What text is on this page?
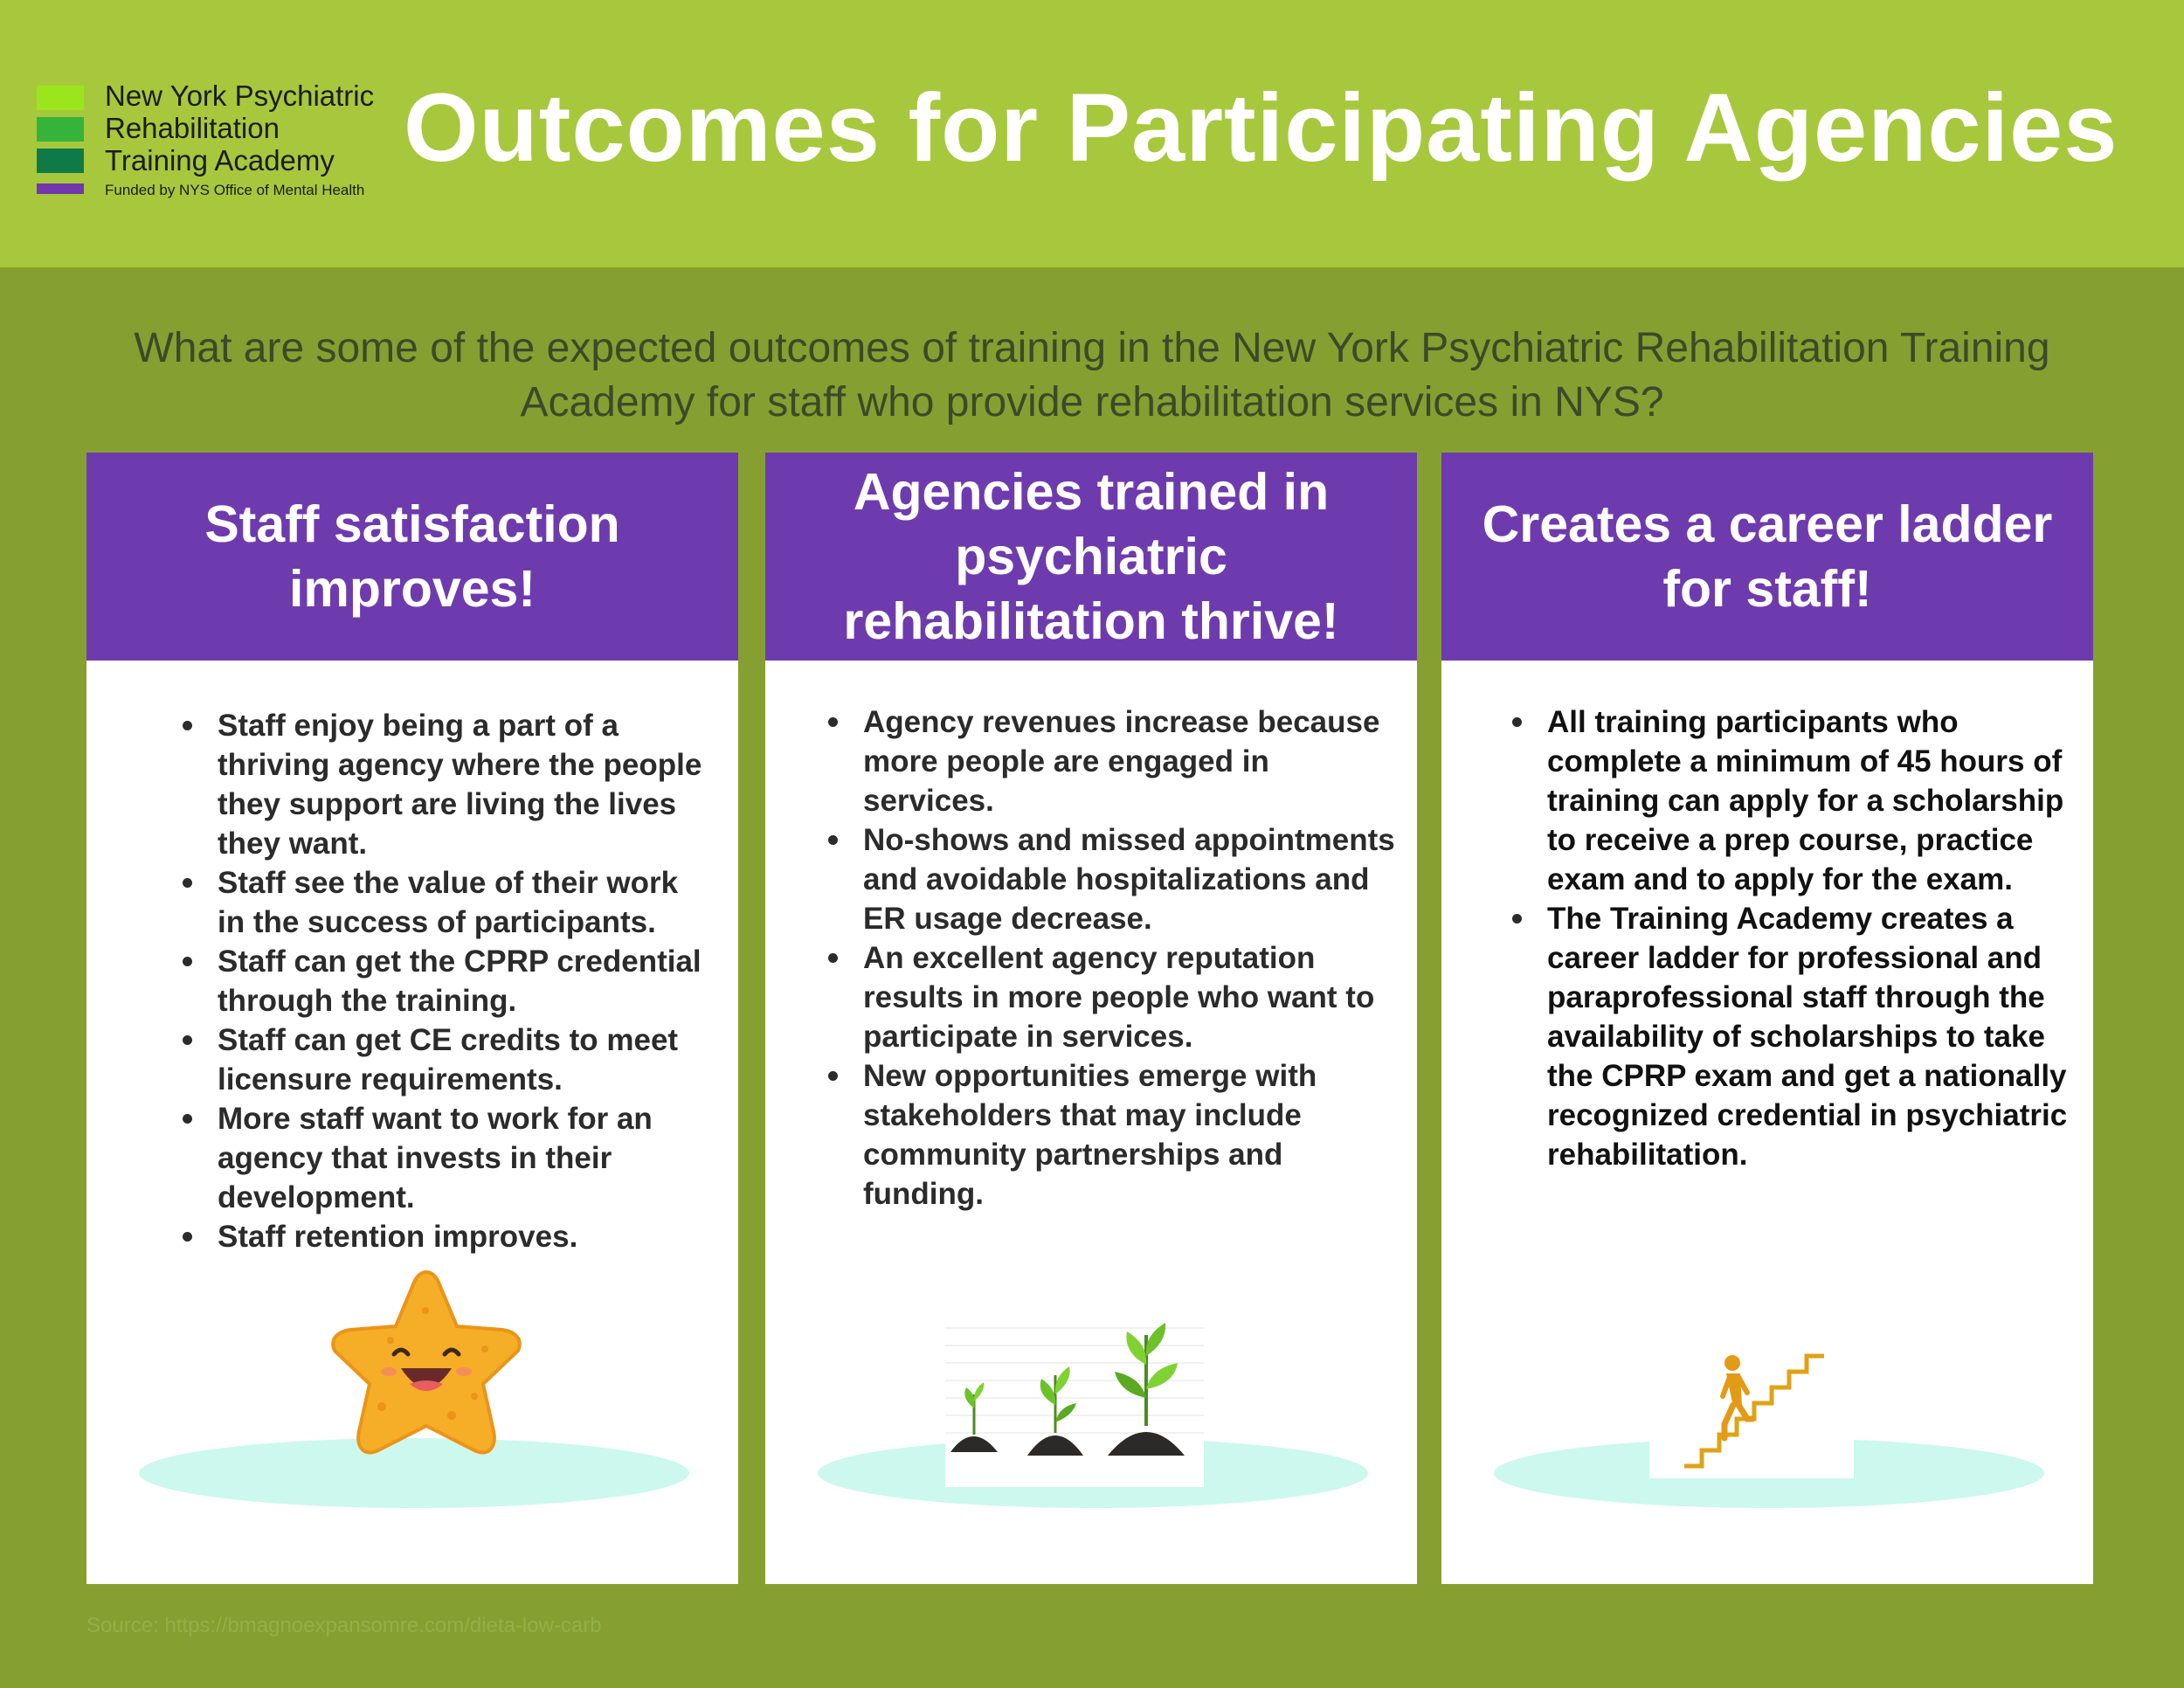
New York Psychiatric
Rehabilitation
Training Academy
Funded by NYS Office of Mental Health
Outcomes for Participating Agencies
What are some of the expected outcomes of training in the New York Psychiatric Rehabilitation Training Academy for staff who provide rehabilitation services in NYS?
Staff satisfaction improves!
Staff enjoy being a part of a thriving agency where the people they support are living the lives they want.
Staff see the value of their work in the success of participants.
Staff can get the CPRP credential through the training.
Staff can get CE credits to meet licensure requirements.
More staff want to work for an agency that invests in their development.
Staff retention improves.
Agencies trained in psychiatric rehabilitation thrive!
Agency revenues increase because more people are engaged in services.
No-shows and missed appointments and avoidable hospitalizations and ER usage decrease.
An excellent agency reputation results in more people who want to participate in services.
New opportunities emerge with stakeholders that may include community partnerships and funding.
Creates a career ladder for staff!
All training participants who complete a minimum of 45 hours of training can apply for a scholarship to receive a prep course, practice exam and to apply for the exam.
The Training Academy creates a career ladder for professional and paraprofessional staff through the availability of scholarships to take the CPRP exam and get a nationally recognized credential in psychiatric rehabilitation.
Source: https://bmagnoexpansomre.com/dieta-low-carb
